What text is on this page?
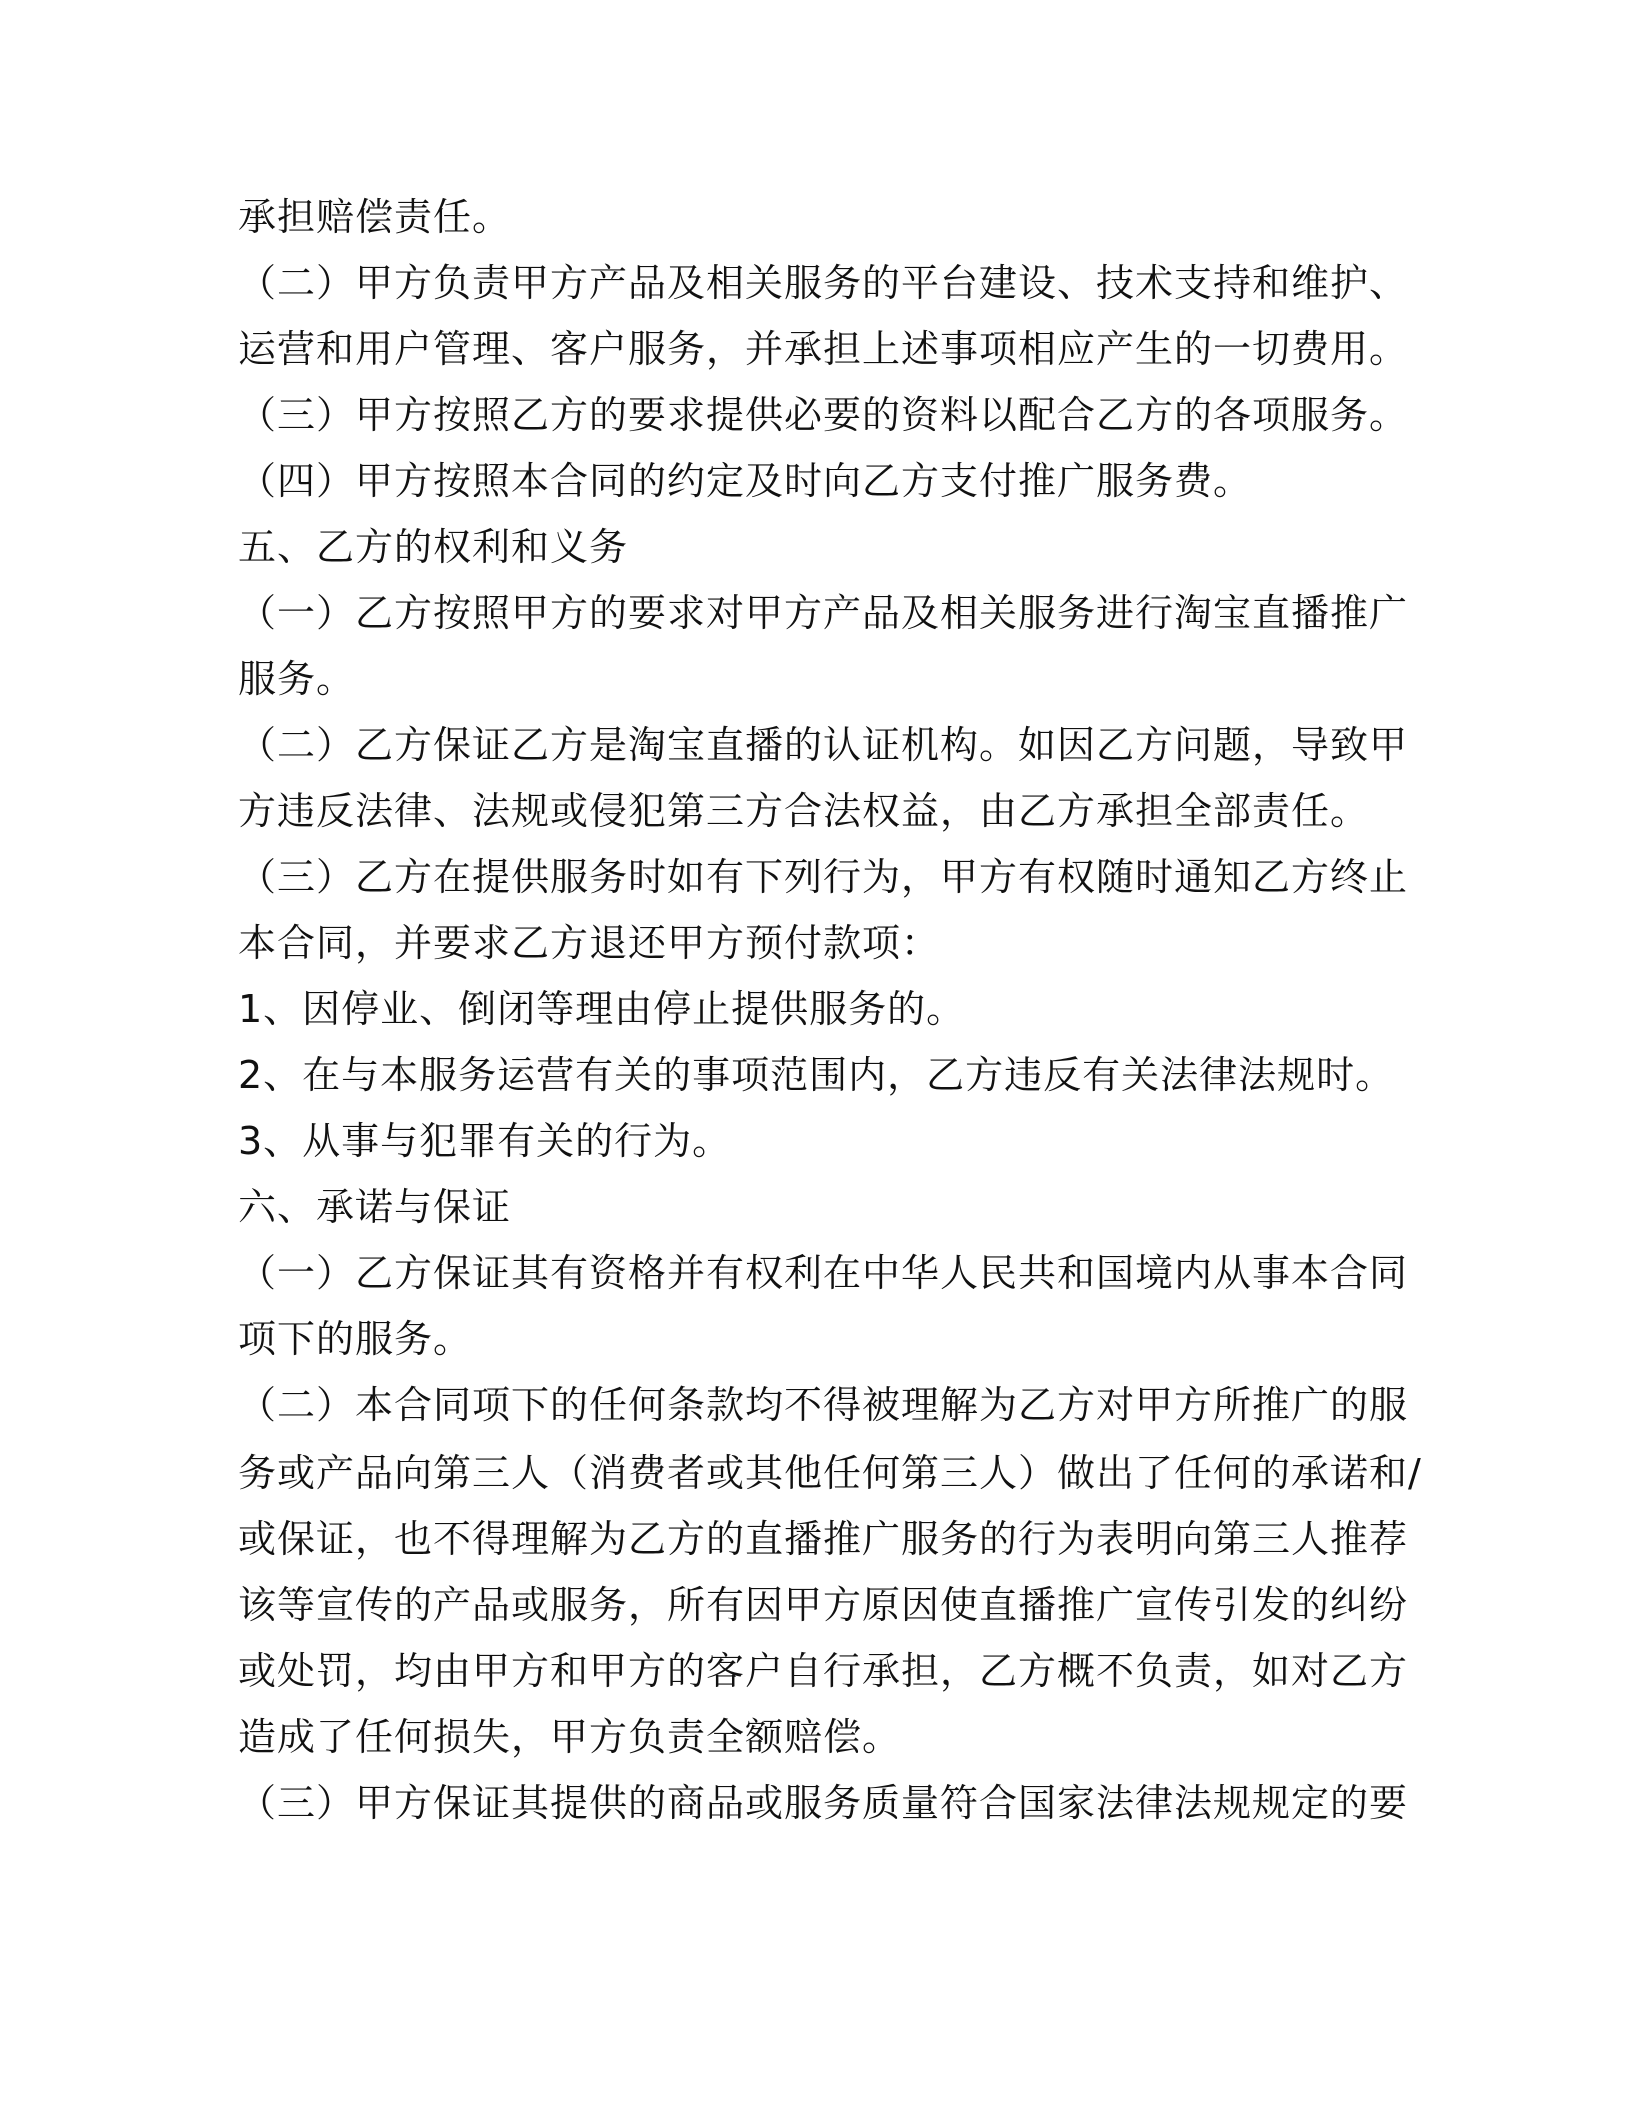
承担赔偿责任。
（二）甲方负责甲方产品及相关服务的平台建设、技术支持和维护、
运营和用户管理、客户服务，并承担上述事项相应产生的一切费用。
（三）甲方按照乙方的要求提供必要的资料以配合乙方的各项服务。
（四）甲方按照本合同的约定及时向乙方支付推广服务费。
五、乙方的权利和义务
（一）乙方按照甲方的要求对甲方产品及相关服务进行淘宝直播推广
服务。
（二）乙方保证乙方是淘宝直播的认证机构。如因乙方问题，导致甲
方违反法律、法规或侵犯第三方合法权益，由乙方承担全部责任。
（三）乙方在提供服务时如有下列行为，甲方有权随时通知乙方终止
本合同，并要求乙方退还甲方预付款项：
1、因停业、倒闭等理由停止提供服务的。
2、在与本服务运营有关的事项范围内，乙方违反有关法律法规时。
3、从事与犯罪有关的行为。
六、承诺与保证
（一）乙方保证其有资格并有权利在中华人民共和国境内从事本合同
项下的服务。
（二）本合同项下的任何条款均不得被理解为乙方对甲方所推广的服
务或产品向第三人（消费者或其他任何第三人）做出了任何的承诺和/
或保证，也不得理解为乙方的直播推广服务的行为表明向第三人推荐
该等宣传的产品或服务，所有因甲方原因使直播推广宣传引发的纠纷
或处罚，均由甲方和甲方的客户自行承担，乙方概不负责，如对乙方
造成了任何损失，甲方负责全额赔偿。
（三）甲方保证其提供的商品或服务质量符合国家法律法规规定的要
